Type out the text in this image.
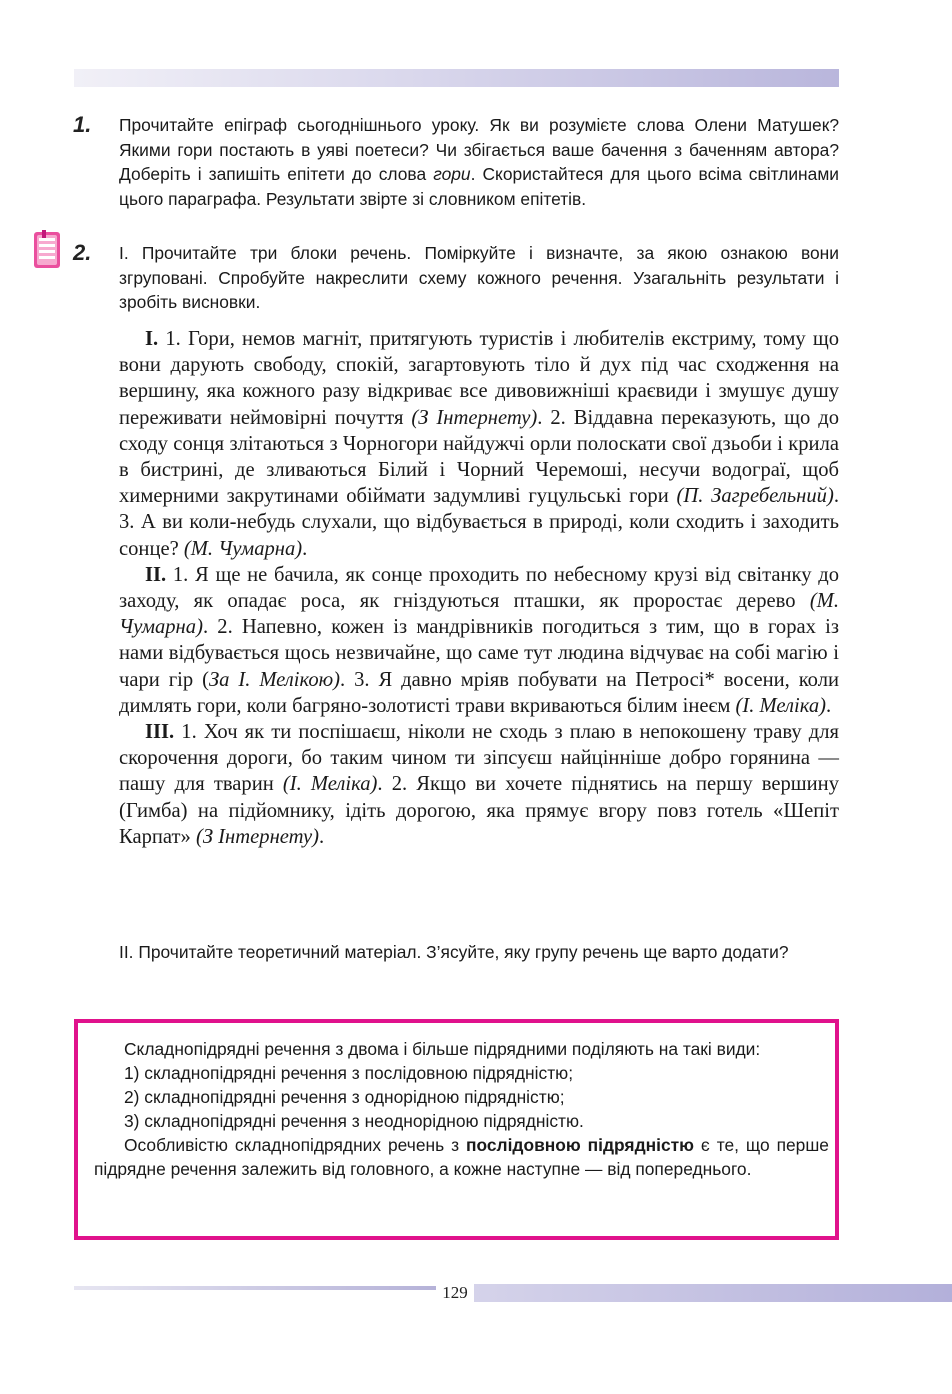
1. Прочитайте епіграф сьогоднішнього уроку. Як ви розумієте слова Олени Матушек? Якими гори постають в уяві поетеси? Чи збігається ваше бачення з баченням автора? Доберіть і запишіть епітети до слова гори. Скористайтеся для цього всіма світлинами цього параграфа. Результати звірте зі словником епітетів.

2. І. Прочитайте три блоки речень. Поміркуйте і визначте, за якою ознакою вони згруповані. Спробуйте накреслити схему кожного речення. Узагальніть результати і зробіть висновки.

І. 1. Гори, немов магніт, притягують туристів і любителів екстриму, тому що вони дарують свободу, спокій, загартовують тіло й дух під час сходження на вершину, яка кожного разу відкриває все дивовижніші краєвиди і змушує душу переживати неймовірні почуття (З Інтернету). 2. Віддавна переказують, що до сходу сонця злітаються з Чорногори найдужчі орли полоскати свої дзьоби і крила в бистрині, де зливаються Білий і Чорний Черемоші, несучи водограї, щоб химерними закрутинами обіймати задумливі гуцульські гори (П. Загребельний). 3. А ви коли-небудь слухали, що відбувається в природі, коли сходить і заходить сонце? (М. Чумарна).

ІІ. 1. Я ще не бачила, як сонце проходить по небесному крузі від світанку до заходу, як опадає роса, як гніздуються пташки, як проростає дерево (М. Чумарна). 2. Напевно, кожен із мандрівників погодиться з тим, що в горах із нами відбувається щось незвичайне, що саме тут людина відчуває на собі магію і чари гір (За І. Мелікою). 3. Я давно мріяв побувати на Петросі* восени, коли димлять гори, коли багряно-золотисті трави вкриваються білим інеєм (І. Меліка).

ІІІ. 1. Хоч як ти поспішаєш, ніколи не сходь з плаю в непокошену траву для скорочення дороги, бо таким чином ти зіпсуєш найцінніше добро горянина — пашу для тварин (І. Меліка). 2. Якщо ви хочете піднятись на першу вершину (Гимба) на підйомнику, ідіть дорогою, яка прямує вгору повз готель «Шепіт Карпат» (З Інтернету).

ІІ. Прочитайте теоретичний матеріал. З’ясуйте, яку групу речень ще варто додати?

Складнопідрядні речення з двома і більше підрядними поділяють на такі види:

1) складнопідрядні речення з послідовною підрядністю;

2) складнопідрядні речення з однорідною підрядністю;

3) складнопідрядні речення з неоднорідною підрядністю.

Особливістю складнопідрядних речень з послідовною підрядністю є те, що перше підрядне речення залежить від головного, а кожне наступне — від попереднього.

129
